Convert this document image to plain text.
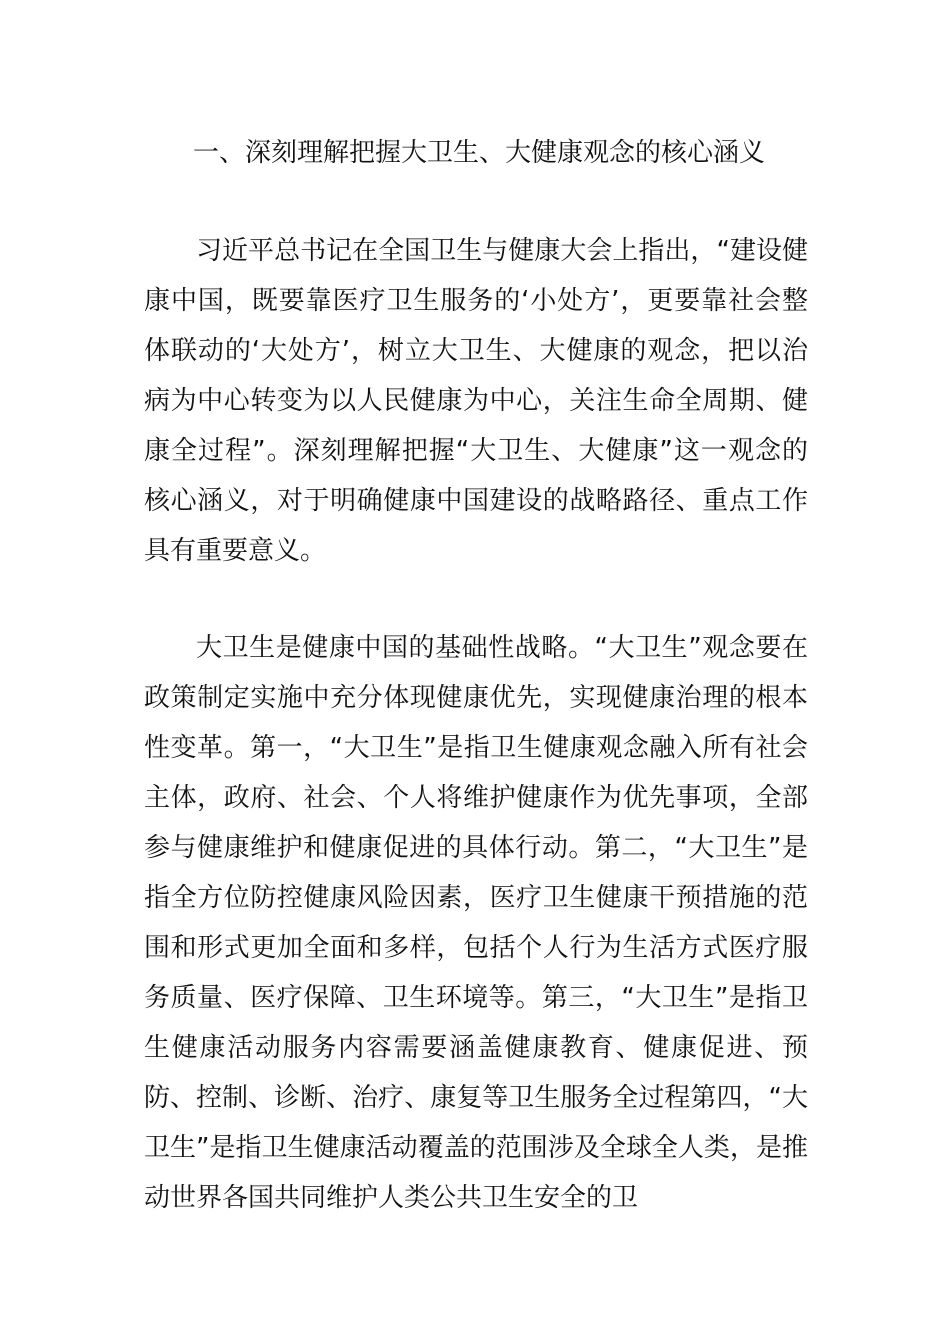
一、深刻理解把握大卫生、大健康观念的核心涵义

习近平总书记在全国卫生与健康大会上指出，“建设健康中国，既要靠医疗卫生服务的‘小处方’，更要靠社会整体联动的‘大处方’，树立大卫生、大健康的观念，把以治病为中心转变为以人民健康为中心，关注生命全周期、健康全过程”。深刻理解把握“大卫生、大健康”这一观念的核心涵义，对于明确健康中国建设的战略路径、重点工作具有重要意义。

大卫生是健康中国的基础性战略。“大卫生”观念要在政策制定实施中充分体现健康优先，实现健康治理的根本性变革。第一，“大卫生”是指卫生健康观念融入所有社会主体，政府、社会、个人将维护健康作为优先事项，全部参与健康维护和健康促进的具体行动。第二，“大卫生”是指全方位防控健康风险因素，医疗卫生健康干预措施的范围和形式更加全面和多样，包括个人行为生活方式医疗服务质量、医疗保障、卫生环境等。第三，“大卫生”是指卫生健康活动服务内容需要涵盖健康教育、健康促进、预防、控制、诊断、治疗、康复等卫生服务全过程第四，“大卫生”是指卫生健康活动覆盖的范围涉及全球全人类，是推动世界各国共同维护人类公共卫生安全的卫
